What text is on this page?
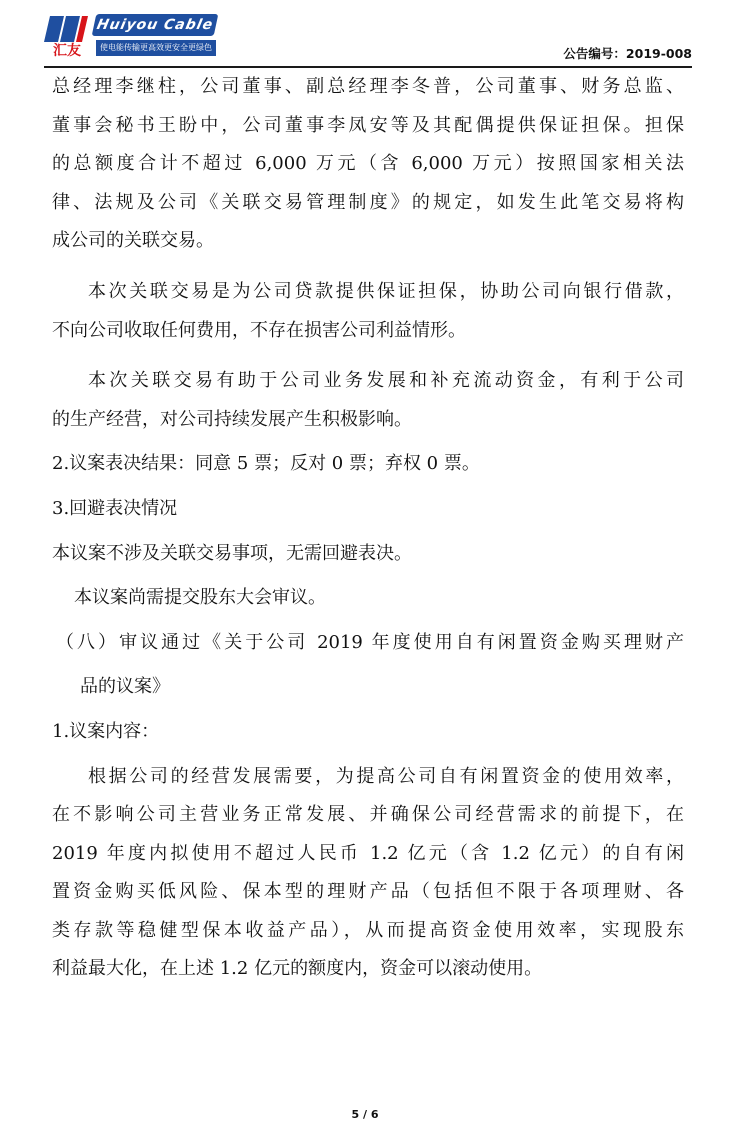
Huiyou Cable
汇友	使电能传输更高效更安全更绿色	公告编号：2019-008
总经理李继柱，公司董事、副总经理李冬普，公司董事、财务总监、
董事会秘书王盼中，公司董事李凤安等及其配偶提供保证担保。担保
的总额度合计不超过 6,000 万元（含 6,000 万元）按照国家相关法
律、法规及公司《关联交易管理制度》的规定，如发生此笔交易将构
成公司的关联交易。
本次关联交易是为公司贷款提供保证担保，协助公司向银行借款，
不向公司收取任何费用，不存在损害公司利益情形。
本次关联交易有助于公司业务发展和补充流动资金，有利于公司
的生产经营，对公司持续发展产生积极影响。
2.议案表决结果：同意 5 票；反对 0 票；弃权 0 票。
3.回避表决情况
本议案不涉及关联交易事项，无需回避表决。
本议案尚需提交股东大会审议。
（八）审议通过《关于公司 2019 年度使用自有闲置资金购买理财产
品的议案》
1.议案内容：
根据公司的经营发展需要，为提高公司自有闲置资金的使用效率，
在不影响公司主营业务正常发展、并确保公司经营需求的前提下，在
2019 年度内拟使用不超过人民币 1.2 亿元（含 1.2 亿元）的自有闲
置资金购买低风险、保本型的理财产品（包括但不限于各项理财、各
类存款等稳健型保本收益产品），从而提高资金使用效率，实现股东
利益最大化，在上述 1.2 亿元的额度内，资金可以滚动使用。
5 / 6
